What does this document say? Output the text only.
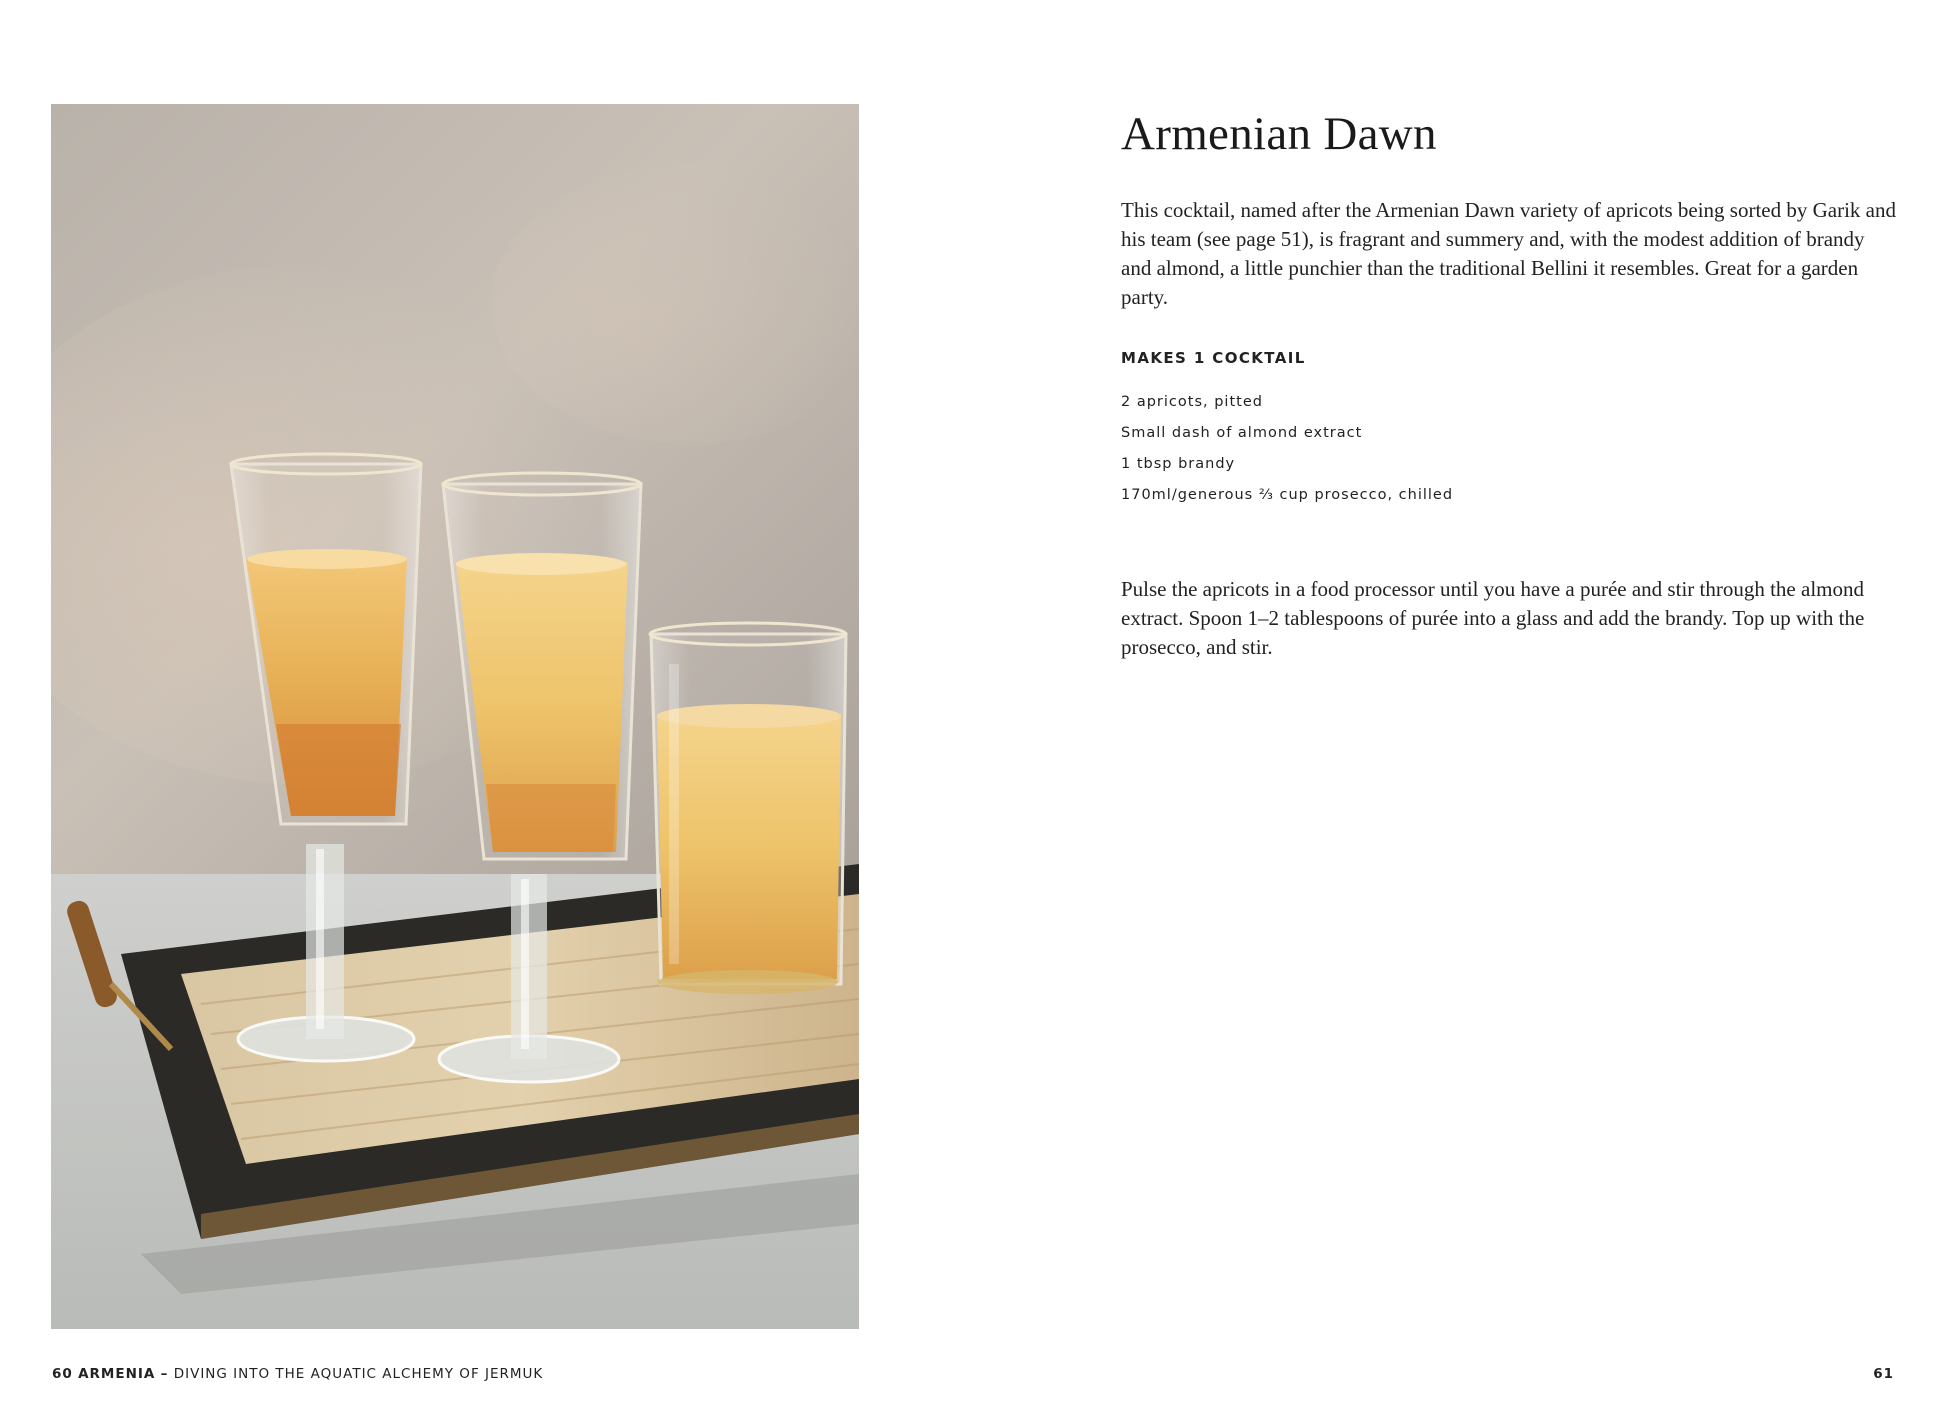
Armenian Dawn

This cocktail, named after the Armenian Dawn variety of apricots being sorted by Garik and his team (see page 51), is fragrant and summery and, with the modest addition of brandy and almond, a little punchier than the traditional Bellini it resembles. Great for a garden party.

MAKES 1 COCKTAIL
2 apricots, pitted
Small dash of almond extract
1 tbsp brandy
170ml/generous ⅔ cup prosecco, chilled

Pulse the apricots in a food processor until you have a purée and stir through the almond extract. Spoon 1–2 tablespoons of purée into a glass and add the brandy. Top up with the prosecco, and stir.

60 ARMENIA – DIVING INTO THE AQUATIC ALCHEMY OF JERMUK	61
